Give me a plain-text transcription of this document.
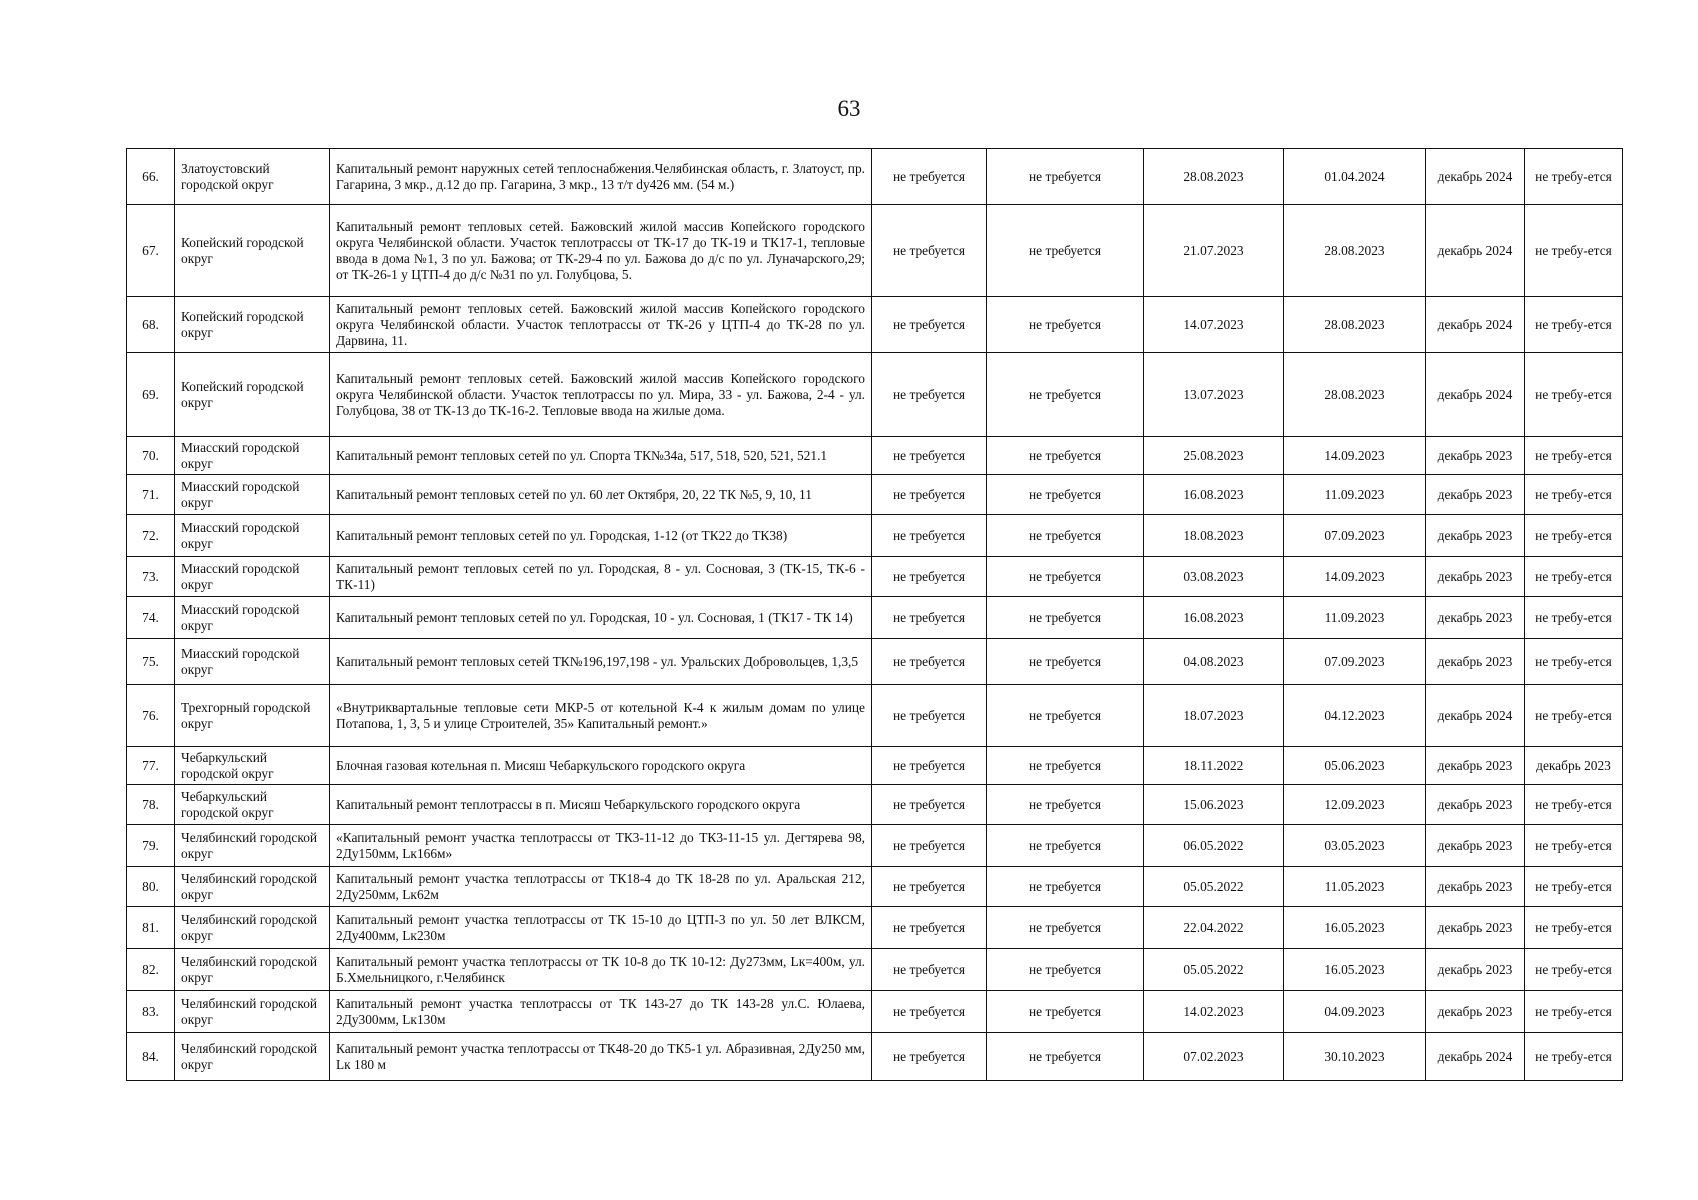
63
66.	Златоустовский городской округ	Капитальный ремонт наружных сетей теплоснабжения.Челябинская область, г. Златоуст, пр. Гагарина, 3 мкр., д.12 до пр. Гагарина, 3 мкр., 13 т/т dy426 мм. (54 м.)	не требуется	не требуется	28.08.2023	01.04.2024	декабрь 2024	не требу-ется
67.	Копейский городской округ	Капитальный ремонт тепловых сетей. Бажовский жилой массив Копейского городского округа Челябинской области. Участок теплотрассы от ТК-17 до ТК-19 и ТК17-1, тепловые ввода в дома №1, 3 по ул. Бажова; от ТК-29-4 по ул. Бажова до д/с по ул. Луначарского,29; от ТК-26-1 у ЦТП-4 до д/с №31 по ул. Голубцова, 5.	не требуется	не требуется	21.07.2023	28.08.2023	декабрь 2024	не требу-ется
68.	Копейский городской округ	Капитальный ремонт тепловых сетей. Бажовский жилой массив Копейского городского округа Челябинской области. Участок теплотрассы от ТК-26 у ЦТП-4 до ТК-28 по ул. Дарвина, 11.	не требуется	не требуется	14.07.2023	28.08.2023	декабрь 2024	не требу-ется
69.	Копейский городской округ	Капитальный ремонт тепловых сетей. Бажовский жилой массив Копейского городского округа Челябинской области. Участок теплотрассы по ул. Мира, 33 - ул. Бажова, 2-4 - ул. Голубцова, 38 от ТК-13 до ТК-16-2. Тепловые ввода на жилые дома.	не требуется	не требуется	13.07.2023	28.08.2023	декабрь 2024	не требу-ется
70.	Миасский городской округ	Капитальный ремонт тепловых сетей по ул. Спорта ТК№34а, 517, 518, 520, 521, 521.1	не требуется	не требуется	25.08.2023	14.09.2023	декабрь 2023	не требу-ется
71.	Миасский городской округ	Капитальный ремонт тепловых сетей по ул. 60 лет Октября, 20, 22 ТК №5, 9, 10, 11	не требуется	не требуется	16.08.2023	11.09.2023	декабрь 2023	не требу-ется
72.	Миасский городской округ	Капитальный ремонт тепловых сетей по ул. Городская, 1-12 (от ТК22 до ТК38)	не требуется	не требуется	18.08.2023	07.09.2023	декабрь 2023	не требу-ется
73.	Миасский городской округ	Капитальный ремонт тепловых сетей по ул. Городская, 8 - ул. Сосновая, 3 (ТК-15, ТК-6 - ТК-11)	не требуется	не требуется	03.08.2023	14.09.2023	декабрь 2023	не требу-ется
74.	Миасский городской округ	Капитальный ремонт тепловых сетей по ул. Городская, 10 - ул. Сосновая, 1 (ТК17 - ТК 14)	не требуется	не требуется	16.08.2023	11.09.2023	декабрь 2023	не требу-ется
75.	Миасский городской округ	Капитальный ремонт тепловых сетей ТК№196,197,198 - ул. Уральских Добровольцев, 1,3,5	не требуется	не требуется	04.08.2023	07.09.2023	декабрь 2023	не требу-ется
76.	Трехгорный городской округ	«Внутриквартальные тепловые сети МКР-5 от котельной К-4 к жилым домам по улице Потапова, 1, 3, 5 и улице Строителей, 35» Капитальный ремонт.»	не требуется	не требуется	18.07.2023	04.12.2023	декабрь 2024	не требу-ется
77.	Чебаркульский городской округ	Блочная газовая котельная п. Мисяш Чебаркульского городского округа	не требуется	не требуется	18.11.2022	05.06.2023	декабрь 2023	декабрь 2023
78.	Чебаркульский городской округ	Капитальный ремонт теплотрассы в п. Мисяш Чебаркульского городского округа	не требуется	не требуется	15.06.2023	12.09.2023	декабрь 2023	не требу-ется
79.	Челябинский городской округ	«Капитальный ремонт участка теплотрассы от ТК3-11-12 до ТК3-11-15 ул. Дегтярева 98, 2Ду150мм, Lк166м»	не требуется	не требуется	06.05.2022	03.05.2023	декабрь 2023	не требу-ется
80.	Челябинский городской округ	Капитальный ремонт участка теплотрассы от ТК18-4 до ТК 18-28 по ул. Аральская 212, 2Ду250мм, Lк62м	не требуется	не требуется	05.05.2022	11.05.2023	декабрь 2023	не требу-ется
81.	Челябинский городской округ	Капитальный ремонт участка теплотрассы от ТК 15-10 до ЦТП-3 по ул. 50 лет ВЛКСМ, 2Ду400мм, Lк230м	не требуется	не требуется	22.04.2022	16.05.2023	декабрь 2023	не требу-ется
82.	Челябинский городской округ	Капитальный ремонт участка теплотрассы от ТК 10-8 до ТК 10-12: Ду273мм, Lк=400м, ул. Б.Хмельницкого, г.Челябинск	не требуется	не требуется	05.05.2022	16.05.2023	декабрь 2023	не требу-ется
83.	Челябинский городской округ	Капитальный ремонт участка теплотрассы от ТК 143-27 до ТК 143-28 ул.С. Юлаева, 2Ду300мм, Lк130м	не требуется	не требуется	14.02.2023	04.09.2023	декабрь 2023	не требу-ется
84.	Челябинский городской округ	Капитальный ремонт участка теплотрассы от ТК48-20 до ТК5-1 ул. Абразивная, 2Ду250 мм, Lк 180 м	не требуется	не требуется	07.02.2023	30.10.2023	декабрь 2024	не требу-ется
